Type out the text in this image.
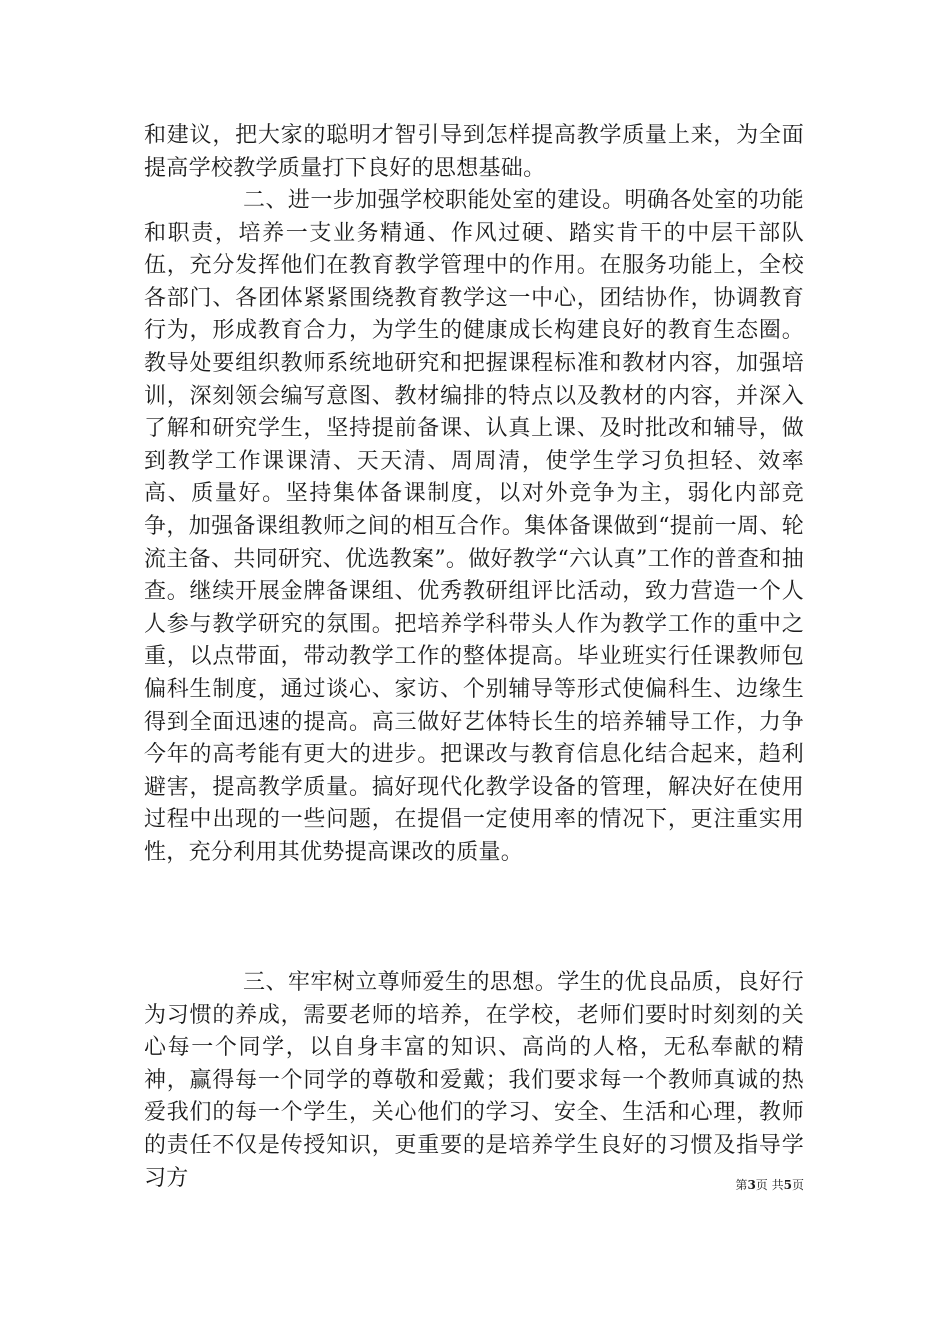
和建议，把大家的聪明才智引导到怎样提高教学质量上来，为全面提高学校教学质量打下良好的思想基础。

二、进一步加强学校职能处室的建设。明确各处室的功能和职责，培养一支业务精通、作风过硬、踏实肯干的中层干部队伍，充分发挥他们在教育教学管理中的作用。在服务功能上，全校各部门、各团体紧紧围绕教育教学这一中心，团结协作，协调教育行为，形成教育合力，为学生的健康成长构建良好的教育生态圈。教导处要组织教师系统地研究和把握课程标准和教材内容，加强培训，深刻领会编写意图、教材编排的特点以及教材的内容，并深入了解和研究学生，坚持提前备课、认真上课、及时批改和辅导，做到教学工作课课清、天天清、周周清，使学生学习负担轻、效率高、质量好。坚持集体备课制度，以对外竞争为主，弱化内部竞争，加强备课组教师之间的相互合作。集体备课做到“提前一周、轮流主备、共同研究、优选教案”。做好教学“六认真”工作的普查和抽查。继续开展金牌备课组、优秀教研组评比活动，致力营造一个人人参与教学研究的氛围。把培养学科带头人作为教学工作的重中之重，以点带面，带动教学工作的整体提高。毕业班实行任课教师包偏科生制度，通过谈心、家访、个别辅导等形式使偏科生、边缘生得到全面迅速的提高。高三做好艺体特长生的培养辅导工作，力争今年的高考能有更大的进步。把课改与教育信息化结合起来，趋利避害，提高教学质量。搞好现代化教学设备的管理，解决好在使用过程中出现的一些问题，在提倡一定使用率的情况下，更注重实用性，充分利用其优势提高课改的质量。

三、牢牢树立尊师爱生的思想。学生的优良品质，良好行为习惯的养成，需要老师的培养，在学校，老师们要时时刻刻的关心每一个同学，以自身丰富的知识、高尚的人格，无私奉献的精神，赢得每一个同学的尊敬和爱戴；我们要求每一个教师真诚的热爱我们的每一个学生，关心他们的学习、安全、生活和心理，教师的责任不仅是传授知识，更重要的是培养学生良好的习惯及指导学习方	第3页 共5页
